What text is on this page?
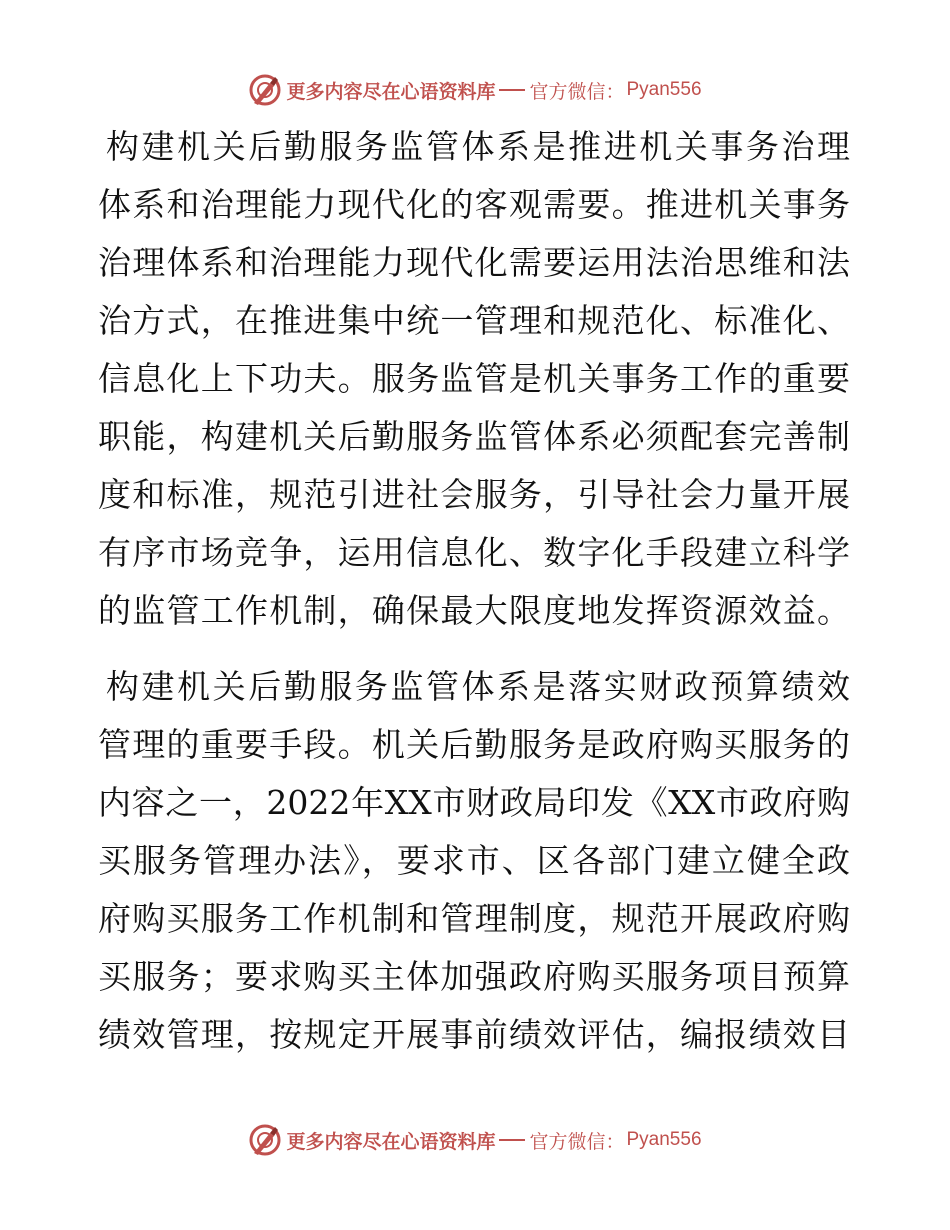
更多内容尽在心语资料库 官方微信： Pyan556
构建机关后勤服务监管体系是推进机关事务治理
体系和治理能力现代化的客观需要。推进机关事务
治理体系和治理能力现代化需要运用法治思维和法
治方式，在推进集中统一管理和规范化、标准化、
信息化上下功夫。服务监管是机关事务工作的重要
职能，构建机关后勤服务监管体系必须配套完善制
度和标准，规范引进社会服务，引导社会力量开展
有序市场竞争，运用信息化、数字化手段建立科学
的监管工作机制，确保最大限度地发挥资源效益。
构建机关后勤服务监管体系是落实财政预算绩效
管理的重要手段。机关后勤服务是政府购买服务的
内容之一，2022年XX市财政局印发《XX市政府购
买服务管理办法》，要求市、区各部门建立健全政
府购买服务工作机制和管理制度，规范开展政府购
买服务；要求购买主体加强政府购买服务项目预算
绩效管理，按规定开展事前绩效评估，编报绩效目
更多内容尽在心语资料库 官方微信： Pyan556
